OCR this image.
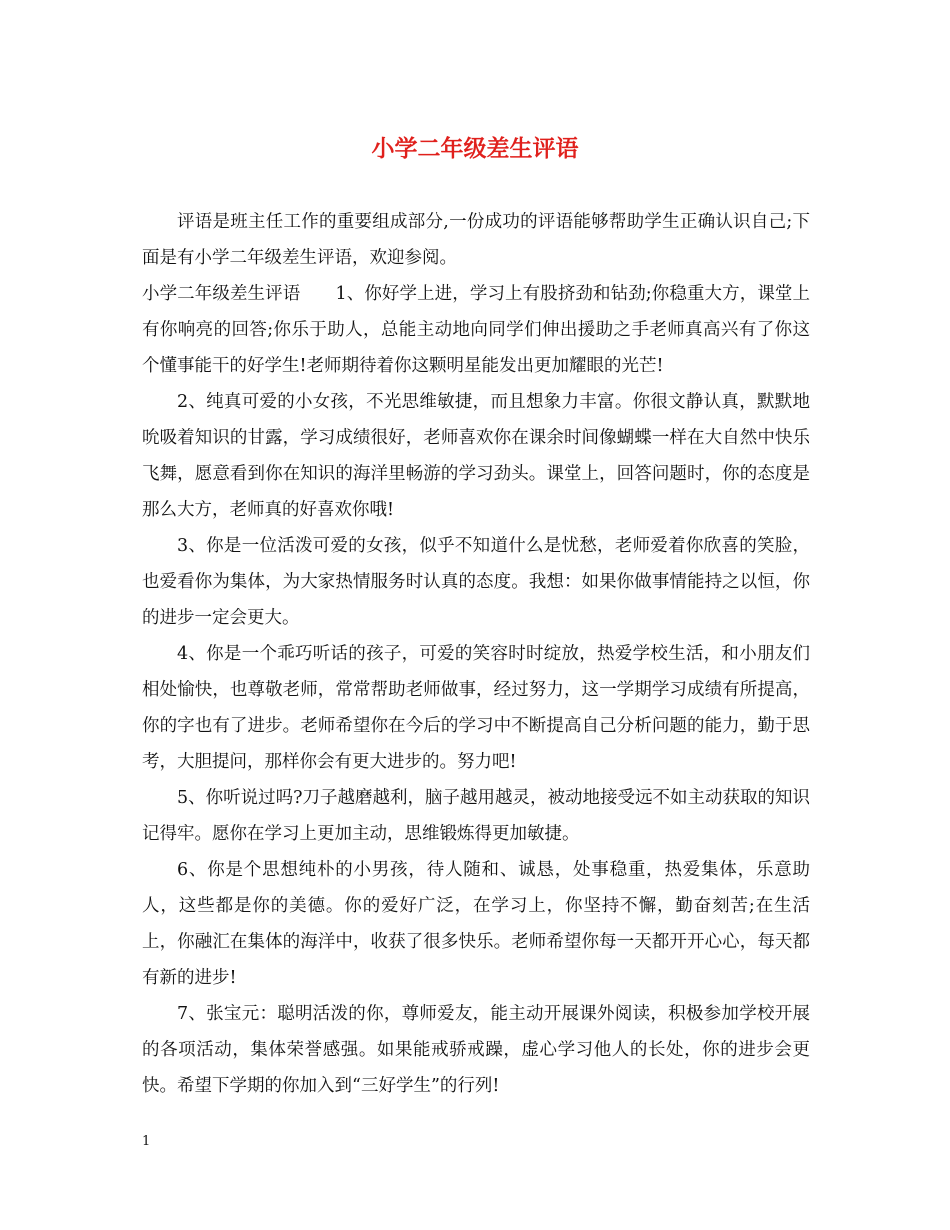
小学二年级差生评语

评语是班主任工作的重要组成部分,一份成功的评语能够帮助学生正确认识自己;下面是有小学二年级差生评语，欢迎参阅。

小学二年级差生评语　　1、你好学上进，学习上有股挤劲和钻劲;你稳重大方，课堂上有你响亮的回答;你乐于助人，总能主动地向同学们伸出援助之手老师真高兴有了你这个懂事能干的好学生!老师期待着你这颗明星能发出更加耀眼的光芒!

2、纯真可爱的小女孩，不光思维敏捷，而且想象力丰富。你很文静认真，默默地吮吸着知识的甘露，学习成绩很好，老师喜欢你在课余时间像蝴蝶一样在大自然中快乐飞舞，愿意看到你在知识的海洋里畅游的学习劲头。课堂上，回答问题时，你的态度是那么大方，老师真的好喜欢你哦!

3、你是一位活泼可爱的女孩，似乎不知道什么是忧愁，老师爱着你欣喜的笑脸，也爱看你为集体，为大家热情服务时认真的态度。我想：如果你做事情能持之以恒，你的进步一定会更大。

4、你是一个乖巧听话的孩子，可爱的笑容时时绽放，热爱学校生活，和小朋友们相处愉快，也尊敬老师，常常帮助老师做事，经过努力，这一学期学习成绩有所提高，你的字也有了进步。老师希望你在今后的学习中不断提高自己分析问题的能力，勤于思考，大胆提问，那样你会有更大进步的。努力吧!

5、你听说过吗?刀子越磨越利，脑子越用越灵，被动地接受远不如主动获取的知识记得牢。愿你在学习上更加主动，思维锻炼得更加敏捷。

6、你是个思想纯朴的小男孩，待人随和、诚恳，处事稳重，热爱集体，乐意助人，这些都是你的美德。你的爱好广泛，在学习上，你坚持不懈，勤奋刻苦;在生活上，你融汇在集体的海洋中，收获了很多快乐。老师希望你每一天都开开心心，每天都有新的进步!

7、张宝元：聪明活泼的你，尊师爱友，能主动开展课外阅读，积极参加学校开展的各项活动，集体荣誉感强。如果能戒骄戒躁，虚心学习他人的长处，你的进步会更快。希望下学期的你加入到“三好学生”的行列!

1
